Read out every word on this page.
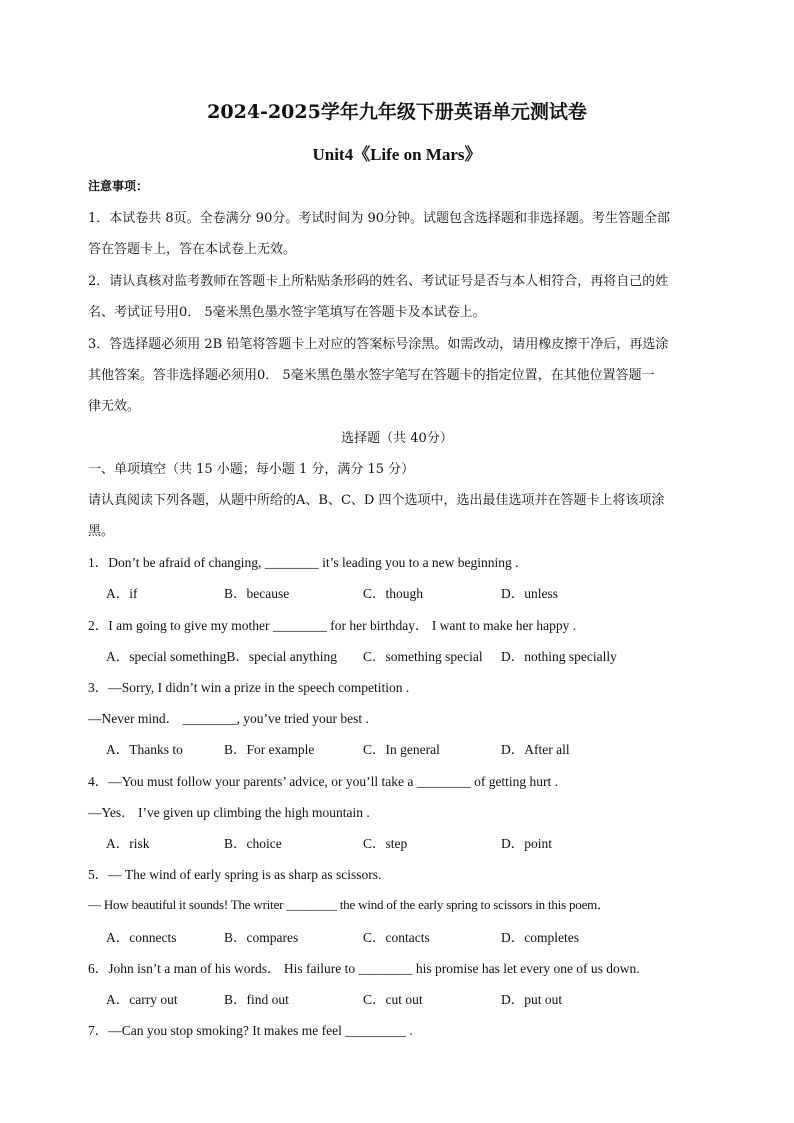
2024-2025学年九年级下册英语单元测试卷
Unit4《Life on Mars》
注意事项：
1．本试卷共 8页。全卷满分 90分。考试时间为 90分钟。试题包含选择题和非选择题。考生答题全部
答在答题卡上，答在本试卷上无效。
2．请认真核对监考教师在答题卡上所粘贴条形码的姓名、考试证号是否与本人相符合，再将自己的姓
名、考试证号用0． 5毫米黑色墨水签字笔填写在答题卡及本试卷上。
3．答选择题必须用 2B 铅笔将答题卡上对应的答案标号涂黑。如需改动，请用橡皮擦干净后，再选涂
其他答案。答非选择题必须用0． 5毫米黑色墨水签字笔写在答题卡的指定位置，在其他位置答题一
律无效。
选择题（共 40分）
一、单项填空（共 15 小题；每小题 1 分，满分 15 分）
请认真阅读下列各题，从题中所给的A、B、C、D 四个选项中，选出最佳选项并在答题卡上将该项涂
黑。
1．Don’t be afraid of changing, ________ it’s leading you to a new beginning .
A．if	B．because	C．though	D．unless
2．I am going to give my mother ________ for her birthday． I want to make her happy .
A．special somethingB．special anything C．something special D．nothing specially
3．—Sorry, I didn’t win a prize in the speech competition .
—Never mind． ________, you’ve tried your best .
A．Thanks to	B．For example	C．In general	D．After all
4．—You must follow your parents’ advice, or you’ll take a ________ of getting hurt .
—Yes． I’ve given up climbing the high mountain .
A．risk	B．choice	C．step	D．point
5．— The wind of early spring is as sharp as scissors.
— How beautiful it sounds! The writer ________ the wind of the early spring to scissors in this poem．
A．connects	B．compares	C．contacts	D．completes
6．John isn’t a man of his words． His failure to ________ his promise has let every one of us down.
A．carry out	B．find out	C．cut out	D．put out
7．—Can you stop smoking? It makes me feel _________ .
